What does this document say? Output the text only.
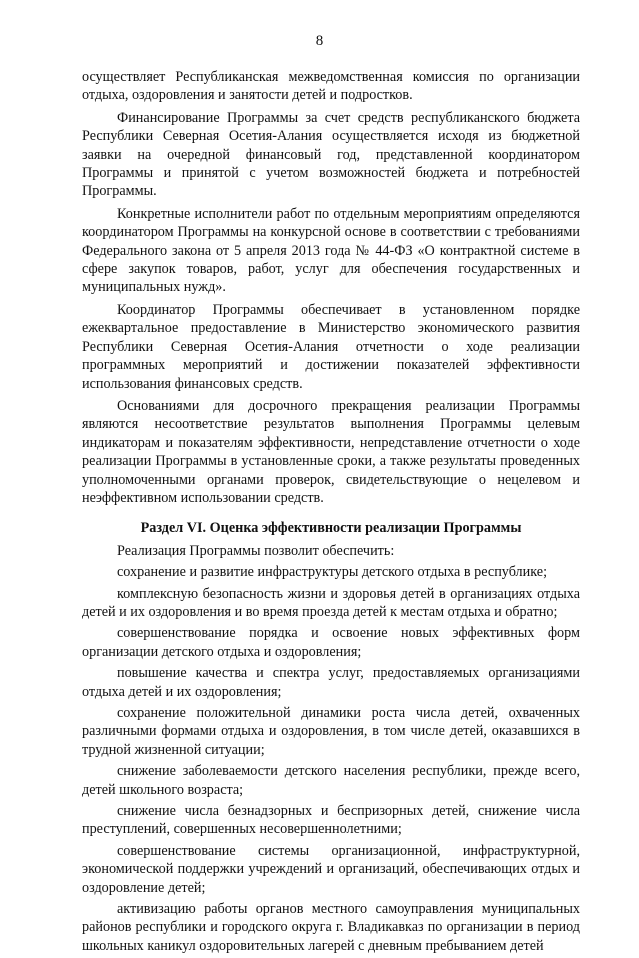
8

осуществляет Республиканская межведомственная комиссия по организации отдыха, оздоровления и занятости детей и подростков.

Финансирование Программы за счет средств республиканского бюджета Республики Северная Осетия-Алания осуществляется исходя из бюджетной заявки на очередной финансовый год, представленной координатором Программы и принятой с учетом возможностей бюджета и потребностей Программы.

Конкретные исполнители работ по отдельным мероприятиям определяются координатором Программы на конкурсной основе в соответствии с требованиями Федерального закона от 5 апреля 2013 года № 44-ФЗ «О контрактной системе в сфере закупок товаров, работ, услуг для обеспечения государственных и муниципальных нужд».

Координатор Программы обеспечивает в установленном порядке ежеквартальное предоставление в Министерство экономического развития Республики Северная Осетия-Алания отчетности о ходе реализации программных мероприятий и достижении показателей эффективности использования финансовых средств.

Основаниями для досрочного прекращения реализации Программы являются несоответствие результатов выполнения Программы целевым индикаторам и показателям эффективности, непредставление отчетности о ходе реализации Программы в установленные сроки, а также результаты проведенных уполномоченными органами проверок, свидетельствующие о нецелевом и неэффективном использовании средств.

Раздел VI. Оценка эффективности реализации Программы

Реализация Программы позволит обеспечить:

сохранение и развитие инфраструктуры детского отдыха в республике;

комплексную безопасность жизни и здоровья детей в организациях отдыха детей и их оздоровления и во время проезда детей к местам отдыха и обратно;

совершенствование порядка и освоение новых эффективных форм организации детского отдыха и оздоровления;

повышение качества и спектра услуг, предоставляемых организациями отдыха детей и их оздоровления;

сохранение положительной динамики роста числа детей, охваченных различными формами отдыха и оздоровления, в том числе детей, оказавшихся в трудной жизненной ситуации;

снижение заболеваемости детского населения республики, прежде всего, детей школьного возраста;

снижение числа безнадзорных и беспризорных детей, снижение числа преступлений, совершенных несовершеннолетними;

совершенствование системы организационной, инфраструктурной, экономической поддержки учреждений и организаций, обеспечивающих отдых и оздоровление детей;

активизацию работы органов местного самоуправления муниципальных районов республики и городского округа г. Владикавказ по организации в период школьных каникул оздоровительных лагерей с дневным пребыванием детей
